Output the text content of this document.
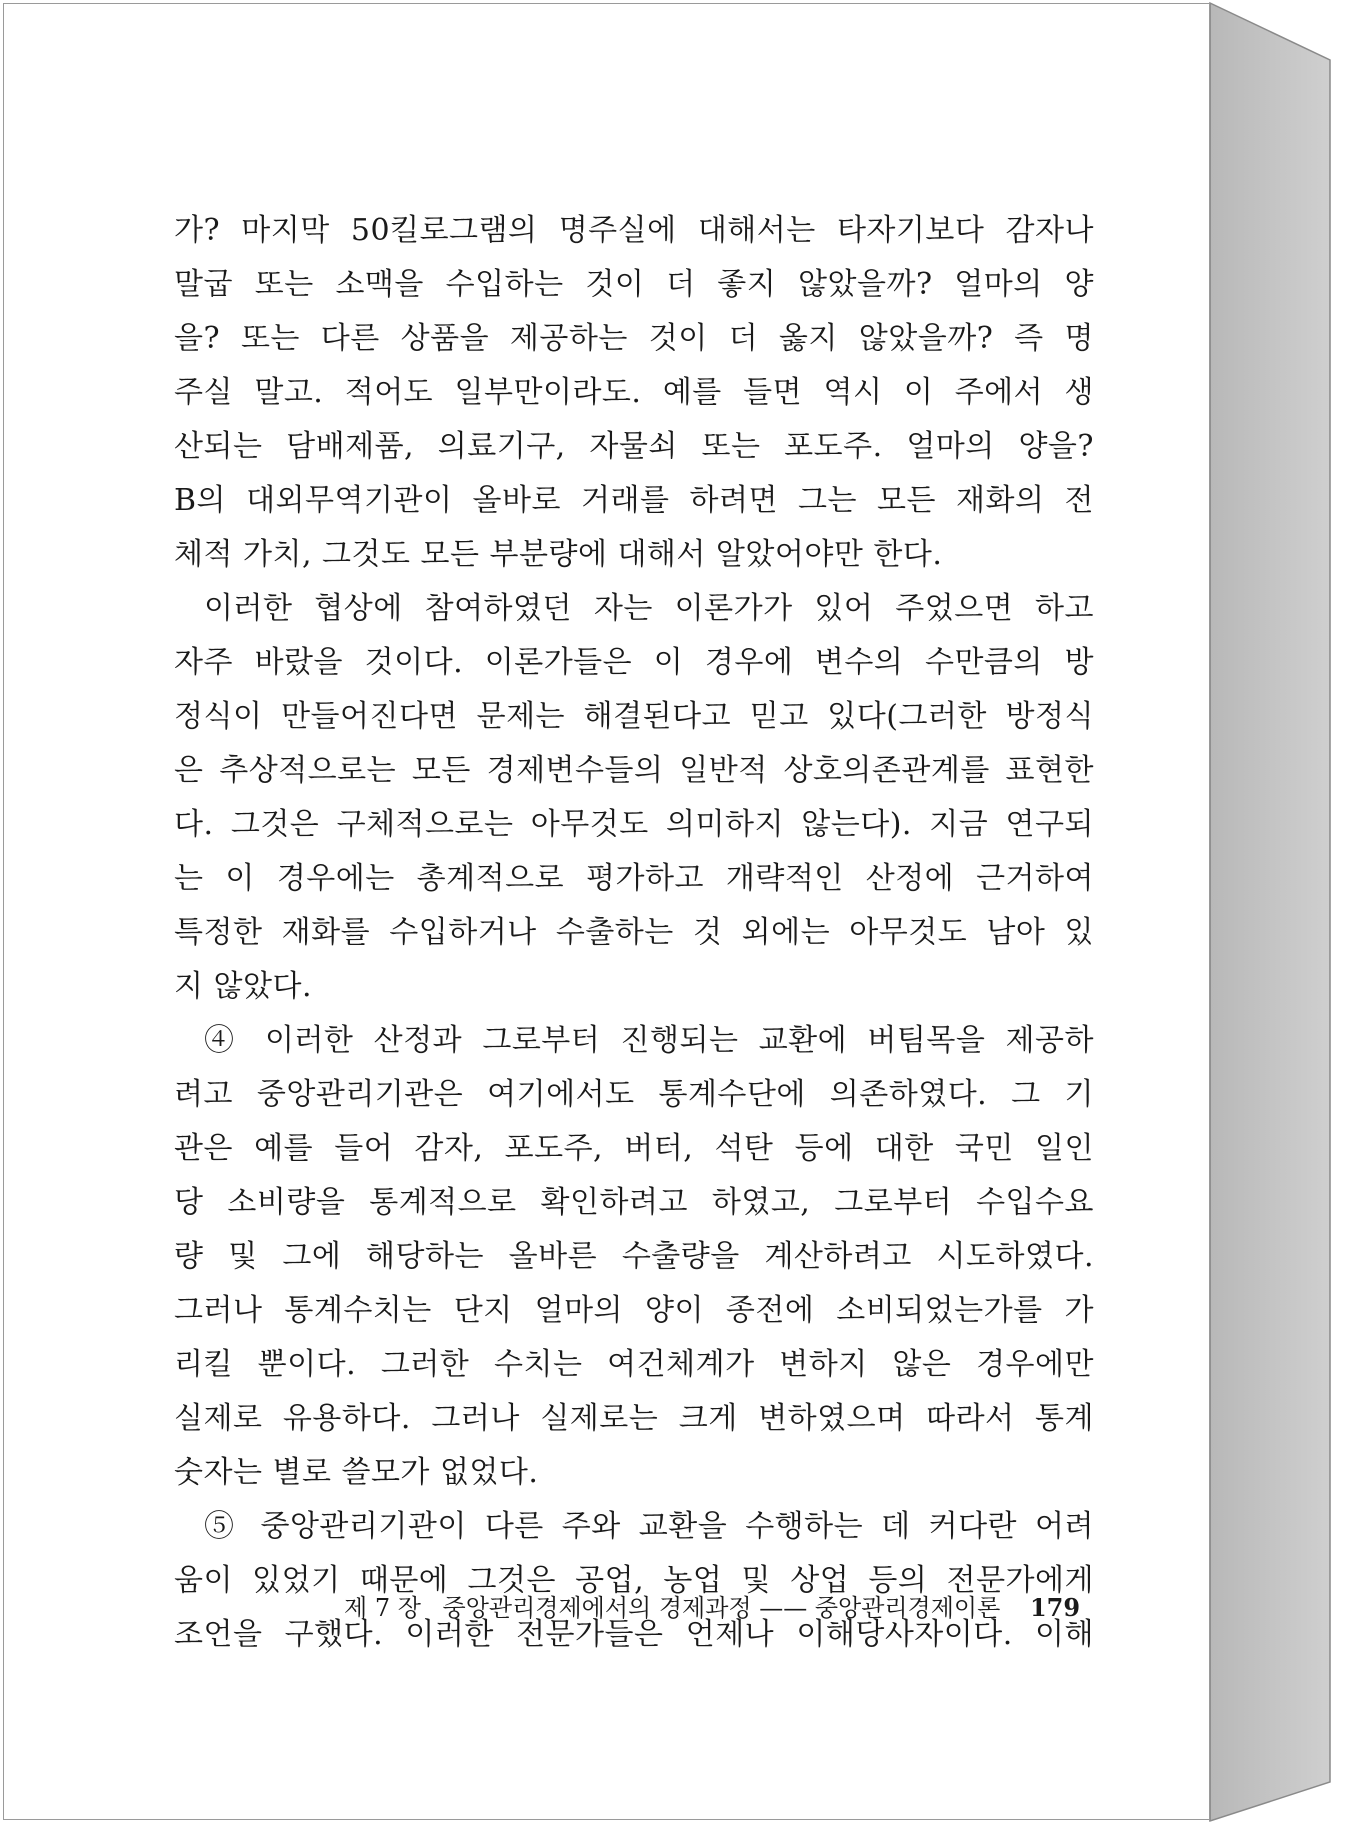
가? 마지막 50킬로그램의 명주실에 대해서는 타자기보다 감자나
말굽 또는 소맥을 수입하는 것이 더 좋지 않았을까? 얼마의 양
을? 또는 다른 상품을 제공하는 것이 더 옳지 않았을까? 즉 명
주실 말고. 적어도 일부만이라도. 예를 들면 역시 이 주에서 생
산되는 담배제품, 의료기구, 자물쇠 또는 포도주. 얼마의 양을?
B의 대외무역기관이 올바로 거래를 하려면 그는 모든 재화의 전
체적 가치, 그것도 모든 부분량에 대해서 알았어야만 한다.
이러한 협상에 참여하였던 자는 이론가가 있어 주었으면 하고
자주 바랐을 것이다. 이론가들은 이 경우에 변수의 수만큼의 방
정식이 만들어진다면 문제는 해결된다고 믿고 있다(그러한 방정식
은 추상적으로는 모든 경제변수들의 일반적 상호의존관계를 표현한
다. 그것은 구체적으로는 아무것도 의미하지 않는다). 지금 연구되
는 이 경우에는 총계적으로 평가하고 개략적인 산정에 근거하여
특정한 재화를 수입하거나 수출하는 것 외에는 아무것도 남아 있
지 않았다.
④ 이러한 산정과 그로부터 진행되는 교환에 버팀목을 제공하
려고 중앙관리기관은 여기에서도 통계수단에 의존하였다. 그 기
관은 예를 들어 감자, 포도주, 버터, 석탄 등에 대한 국민 일인
당 소비량을 통계적으로 확인하려고 하였고, 그로부터 수입수요
량 및 그에 해당하는 올바른 수출량을 계산하려고 시도하였다.
그러나 통계수치는 단지 얼마의 양이 종전에 소비되었는가를 가
리킬 뿐이다. 그러한 수치는 여건체계가 변하지 않은 경우에만
실제로 유용하다. 그러나 실제로는 크게 변하였으며 따라서 통계
숫자는 별로 쓸모가 없었다.
⑤ 중앙관리기관이 다른 주와 교환을 수행하는 데 커다란 어려
움이 있었기 때문에 그것은 공업, 농업 및 상업 등의 전문가에게
조언을 구했다. 이러한 전문가들은 언제나 이해당사자이다. 이해
제 7 장 중앙관리경제에서의 경제과정 —— 중앙관리경제이론 179
